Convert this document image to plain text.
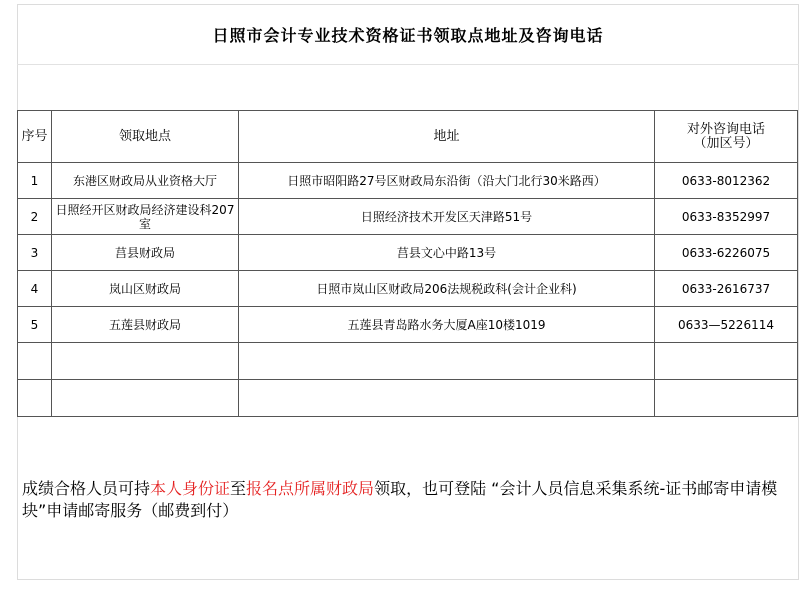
日照市会计专业技术资格证书领取点地址及咨询电话
序号	领取地点	地址	对外咨询电话
（加区号）

1	东港区财政局从业资格大厅	日照市昭阳路27号区财政局东沿街（沿大门北行30米路西）	0633-8012362
2	日照经开区财政局经济建设科207室	日照经济技术开发区天津路51号	0633-8352997
3	莒县财政局	莒县文心中路13号	0633-6226075
4	岚山区财政局	日照市岚山区财政局206法规税政科(会计企业科)	0633-2616737
5	五莲县财政局	五莲县青岛路水务大厦A座10楼1019	0633—5226114

成绩合格人员可持本人身份证至报名点所属财政局领取，也可登陆 “会计人员信息采集系统-证书邮寄申请模块”申请邮寄服务（邮费到付）
